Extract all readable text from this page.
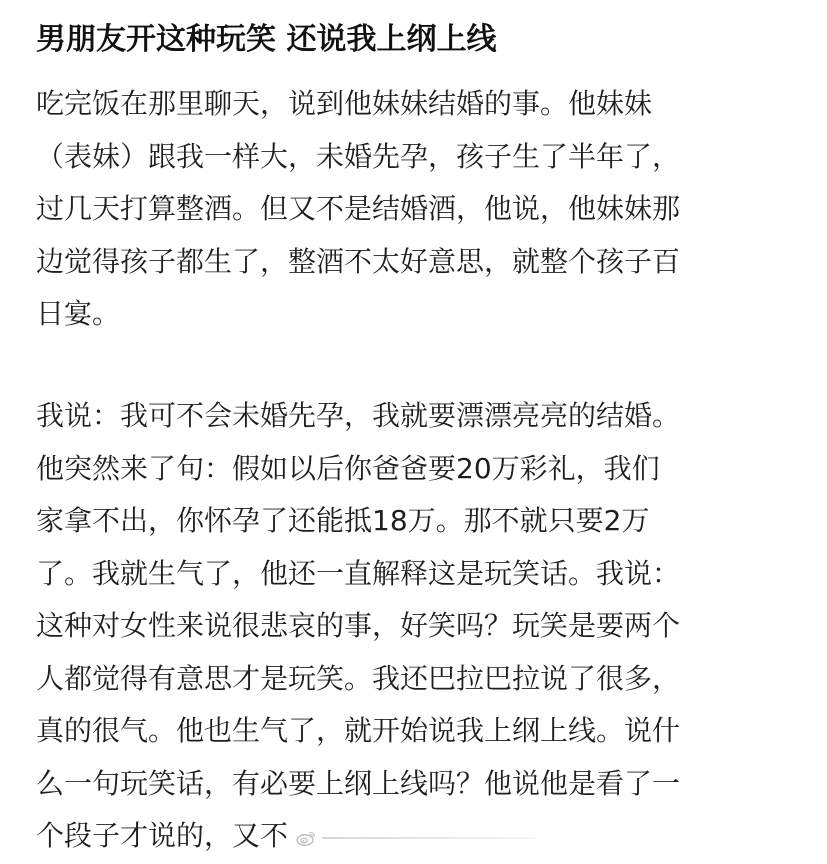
男朋友开这种玩笑 还说我上纲上线
吃完饭在那里聊天，说到他妹妹结婚的事。他妹妹
（表妹）跟我一样大，未婚先孕，孩子生了半年了，
过几天打算整酒。但又不是结婚酒，他说，他妹妹那
边觉得孩子都生了，整酒不太好意思，就整个孩子百
日宴。
我说：我可不会未婚先孕，我就要漂漂亮亮的结婚。
他突然来了句：假如以后你爸爸要20万彩礼，我们
家拿不出，你怀孕了还能抵18万。那不就只要2万
了。我就生气了，他还一直解释这是玩笑话。我说：
这种对女性来说很悲哀的事，好笑吗？玩笑是要两个
人都觉得有意思才是玩笑。我还巴拉巴拉说了很多，
真的很气。他也生气了，就开始说我上纲上线。说什
么一句玩笑话，有必要上纲上线吗？他说他是看了一
个段子才说的，又不
